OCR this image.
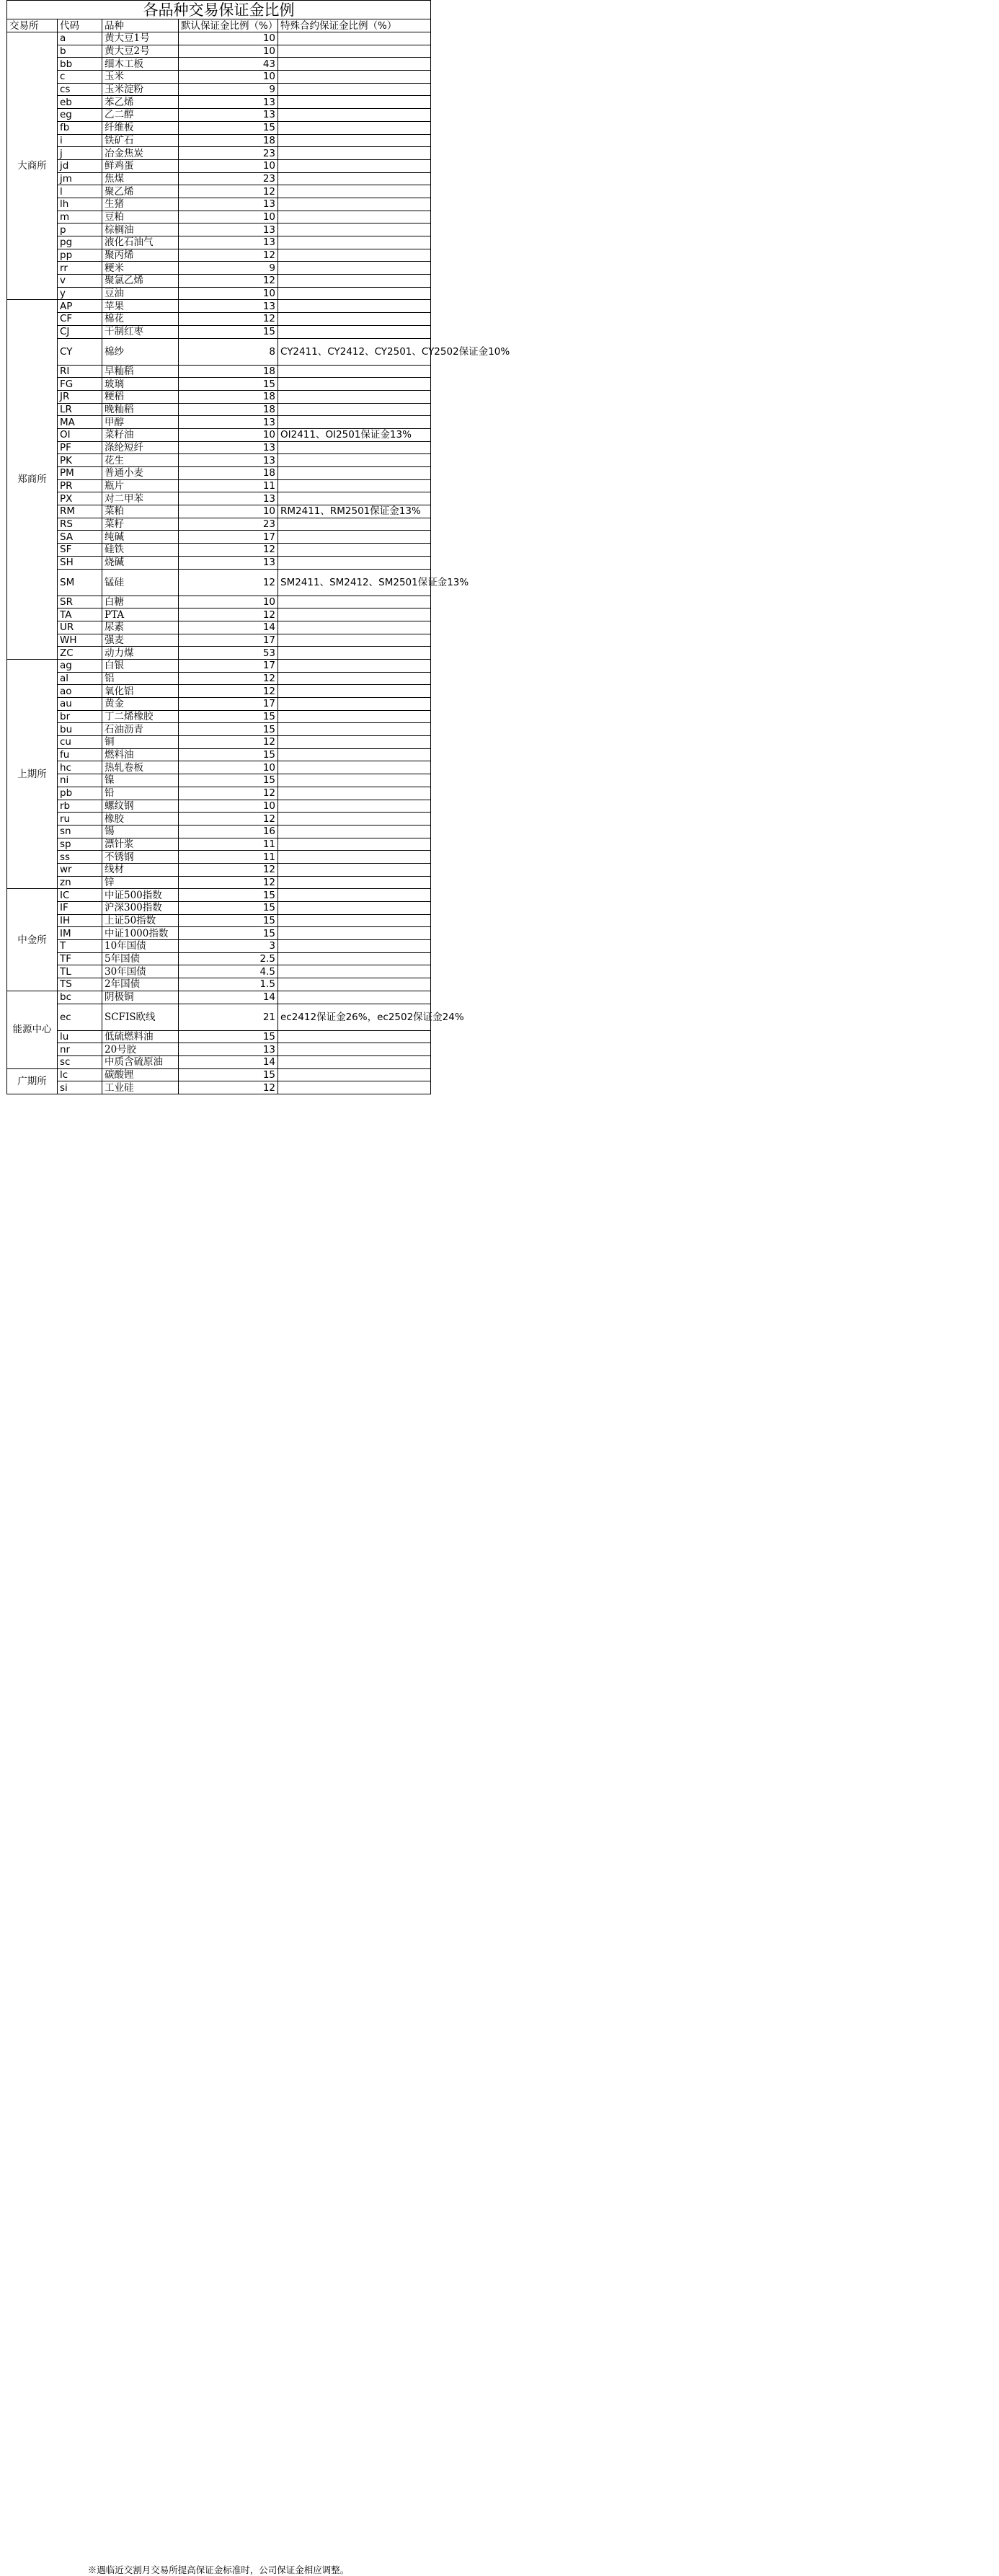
各品种交易保证金比例				
交易所	代码	品种	默认保证金比例（%）	特殊合约保证金比例（%）
大商所	a	黄大豆1号	10	
	b	黄大豆2号	10	
	bb	细木工板	43	
	c	玉米	10	
	cs	玉米淀粉	9	
	eb	苯乙烯	13	
	eg	乙二醇	13	
	fb	纤维板	15	
	i	铁矿石	18	
	j	冶金焦炭	23	
	jd	鲜鸡蛋	10	
	jm	焦煤	23	
	l	聚乙烯	12	
	lh	生猪	13	
	m	豆粕	10	
	p	棕榈油	13	
	pg	液化石油气	13	
	pp	聚丙烯	12	
	rr	粳米	9	
	v	聚氯乙烯	12	
	y	豆油	10	
郑商所	AP	苹果	13	
	CF	棉花	12	
	CJ	干制红枣	15	
	CY	棉纱	8	CY2411、CY2412、CY2501、CY2502保证金10%
	RI	早籼稻	18	
	FG	玻璃	15	
	JR	粳稻	18	
	LR	晚籼稻	18	
	MA	甲醇	13	
	OI	菜籽油	10	OI2411、OI2501保证金13%
	PF	涤纶短纤	13	
	PK	花生	13	
	PM	普通小麦	18	
	PR	瓶片	11	
	PX	对二甲苯	13	
	RM	菜粕	10	RM2411、RM2501保证金13%
	RS	菜籽	23	
	SA	纯碱	17	
	SF	硅铁	12	
	SH	烧碱	13	
	SM	锰硅	12	SM2411、SM2412、SM2501保证金13%
	SR	白糖	10	
	TA	PTA	12	
	UR	尿素	14	
	WH	强麦	17	
	ZC	动力煤	53	
上期所	ag	白银	17	
	al	铝	12	
	ao	氧化铝	12	
	au	黄金	17	
	br	丁二烯橡胶	15	
	bu	石油沥青	15	
	cu	铜	12	
	fu	燃料油	15	
	hc	热轧卷板	10	
	ni	镍	15	
	pb	铅	12	
	rb	螺纹钢	10	
	ru	橡胶	12	
	sn	锡	16	
	sp	漂针浆	11	
	ss	不锈钢	11	
	wr	线材	12	
	zn	锌	12	
中金所	IC	中证500指数	15	
	IF	沪深300指数	15	
	IH	上证50指数	15	
	IM	中证1000指数	15	
	T	10年国债	3	
	TF	5年国债	2.5	
	TL	30年国债	4.5	
	TS	2年国债	1.5	
能源中心	bc	阴极铜	14	
	ec	SCFIS欧线	21	ec2412保证金26%，ec2502保证金24%
	lu	低硫燃料油	15	
	nr	20号胶	13	
	sc	中质含硫原油	14	
广期所	lc	碳酸锂	15	
	si	工业硅	12	
※遇临近交割月交易所提高保证金标准时，公司保证金相应调整。
